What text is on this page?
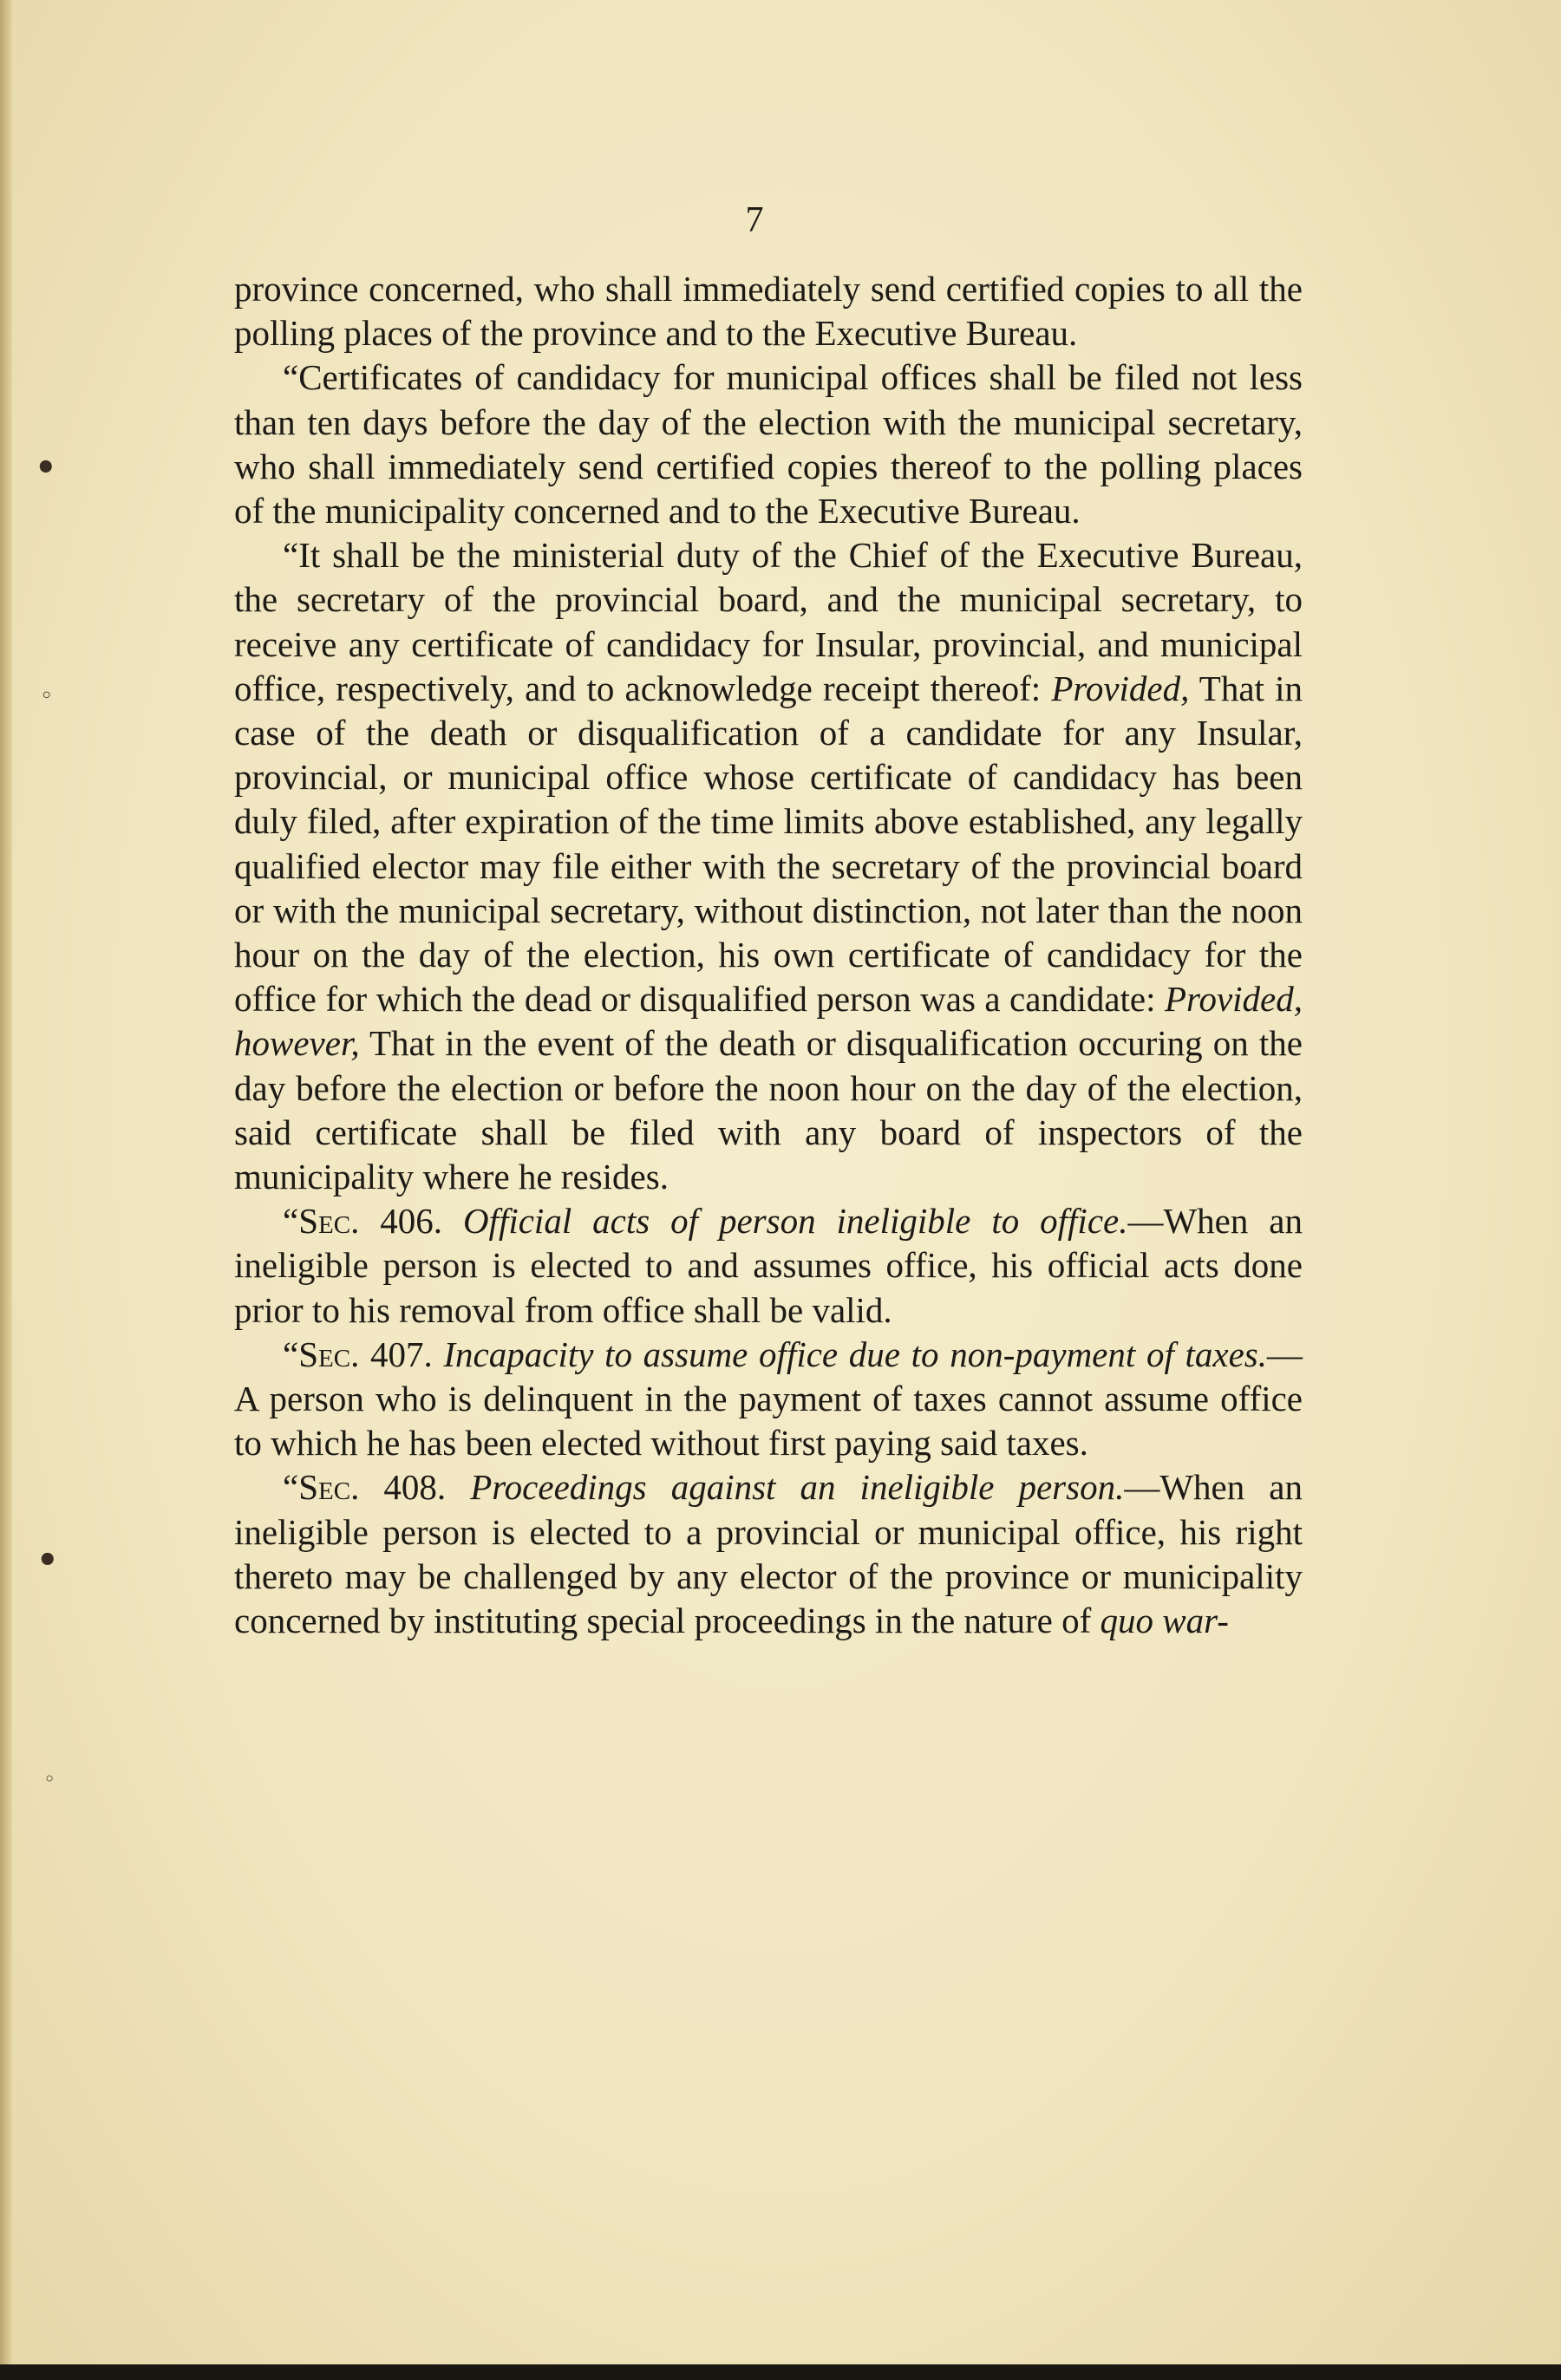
•
◦
•
◦
7

province concerned, who shall immediately send certified copies to all the polling places of the province and to the Executive Bureau.

“Certificates of candidacy for municipal offices shall be filed not less than ten days before the day of the election with the municipal secretary, who shall immediately send certified copies thereof to the polling places of the municipality concerned and to the Executive Bureau.

“It shall be the ministerial duty of the Chief of the Executive Bureau, the secretary of the provincial board, and the municipal secretary, to receive any certificate of candidacy for Insular, provincial, and municipal office, respectively, and to acknowledge receipt thereof: Provided, That in case of the death or disqualification of a candidate for any Insular, provincial, or municipal office whose certificate of candidacy has been duly filed, after expiration of the time limits above established, any legally qualified elector may file either with the secretary of the provincial board or with the municipal secretary, without distinction, not later than the noon hour on the day of the election, his own certificate of candidacy for the office for which the dead or disqualified person was a candidate: Provided, however, That in the event of the death or disqualification occuring on the day before the election or before the noon hour on the day of the election, said certificate shall be filed with any board of inspectors of the municipality where he resides.

“Sec. 406. Official acts of person ineligible to office.—When an ineligible person is elected to and assumes office, his official acts done prior to his removal from office shall be valid.

“Sec. 407. Incapacity to assume office due to non-payment of taxes.—A person who is delinquent in the payment of taxes cannot assume office to which he has been elected without first paying said taxes.

“Sec. 408. Proceedings against an ineligible person.—When an ineligible person is elected to a provincial or municipal office, his right thereto may be challenged by any elector of the province or municipality concerned by instituting special proceedings in the nature of quo war-
